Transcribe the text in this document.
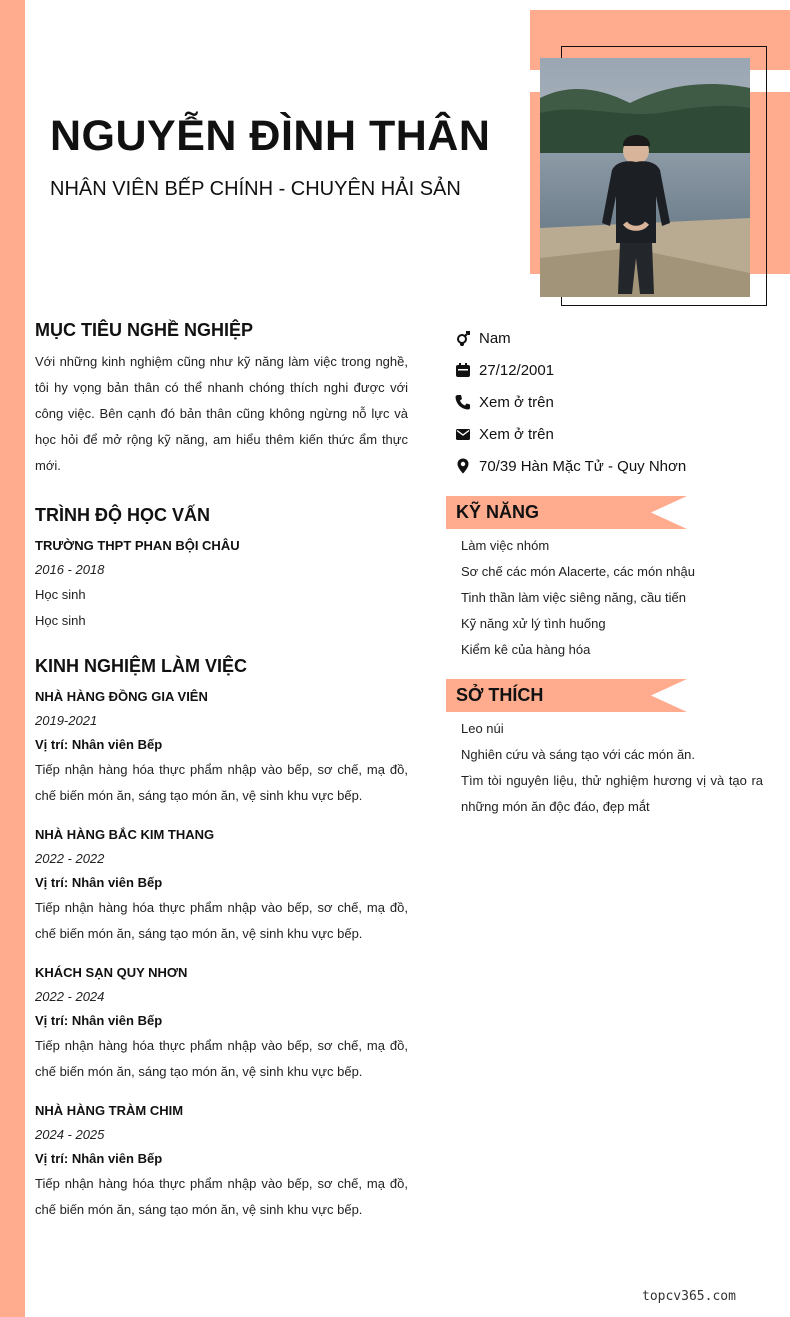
NGUYỄN ĐÌNH THÂN
NHÂN VIÊN BẾP CHÍNH - CHUYÊN HẢI SẢN
MỤC TIÊU NGHỀ NGHIỆP

Với những kinh nghiệm cũng như kỹ năng làm việc trong nghề, tôi hy vọng bản thân có thể nhanh chóng thích nghi được với công việc. Bên cạnh đó bản thân cũng không ngừng nỗ lực và học hỏi để mở rộng kỹ năng, am hiểu thêm kiến thức ẩm thực mới.

TRÌNH ĐỘ HỌC VẤN
TRƯỜNG THPT PHAN BỘI CHÂU
2016 - 2018
Học sinh
Học sinh
KINH NGHIỆM LÀM VIỆC
NHÀ HÀNG ĐỒNG GIA VIÊN
2019-2021
Vị trí: Nhân viên Bếp

Tiếp nhận hàng hóa thực phẩm nhập vào bếp, sơ chế, mạ đồ, chế biến món ăn, sáng tạo món ăn, vệ sinh khu vực bếp.

NHÀ HÀNG BẮC KIM THANG
2022 - 2022
Vị trí: Nhân viên Bếp

Tiếp nhận hàng hóa thực phẩm nhập vào bếp, sơ chế, mạ đồ, chế biến món ăn, sáng tạo món ăn, vệ sinh khu vực bếp.

KHÁCH SẠN QUY NHƠN
2022 - 2024
Vị trí: Nhân viên Bếp

Tiếp nhận hàng hóa thực phẩm nhập vào bếp, sơ chế, mạ đồ, chế biến món ăn, sáng tạo món ăn, vệ sinh khu vực bếp.

NHÀ HÀNG TRÀM CHIM
2024 - 2025
Vị trí: Nhân viên Bếp

Tiếp nhận hàng hóa thực phẩm nhập vào bếp, sơ chế, mạ đồ, chế biến món ăn, sáng tạo món ăn, vệ sinh khu vực bếp.

Nam
27/12/2001
Xem ở trên
Xem ở trên
70/39 Hàn Mặc Tử - Quy Nhơn
KỸ NĂNG
Làm việc nhóm
Sơ chế các món Alacerte, các món nhậu
Tinh thần làm việc siêng năng, cầu tiến
Kỹ năng xử lý tình huống
Kiểm kê của hàng hóa
SỞ THÍCH
Leo núi
Nghiên cứu và sáng tạo với các món ăn.
Tìm tòi nguyên liệu, thử nghiệm hương vị và tạo ra những món ăn độc đáo, đẹp mắt
topcv365.com
